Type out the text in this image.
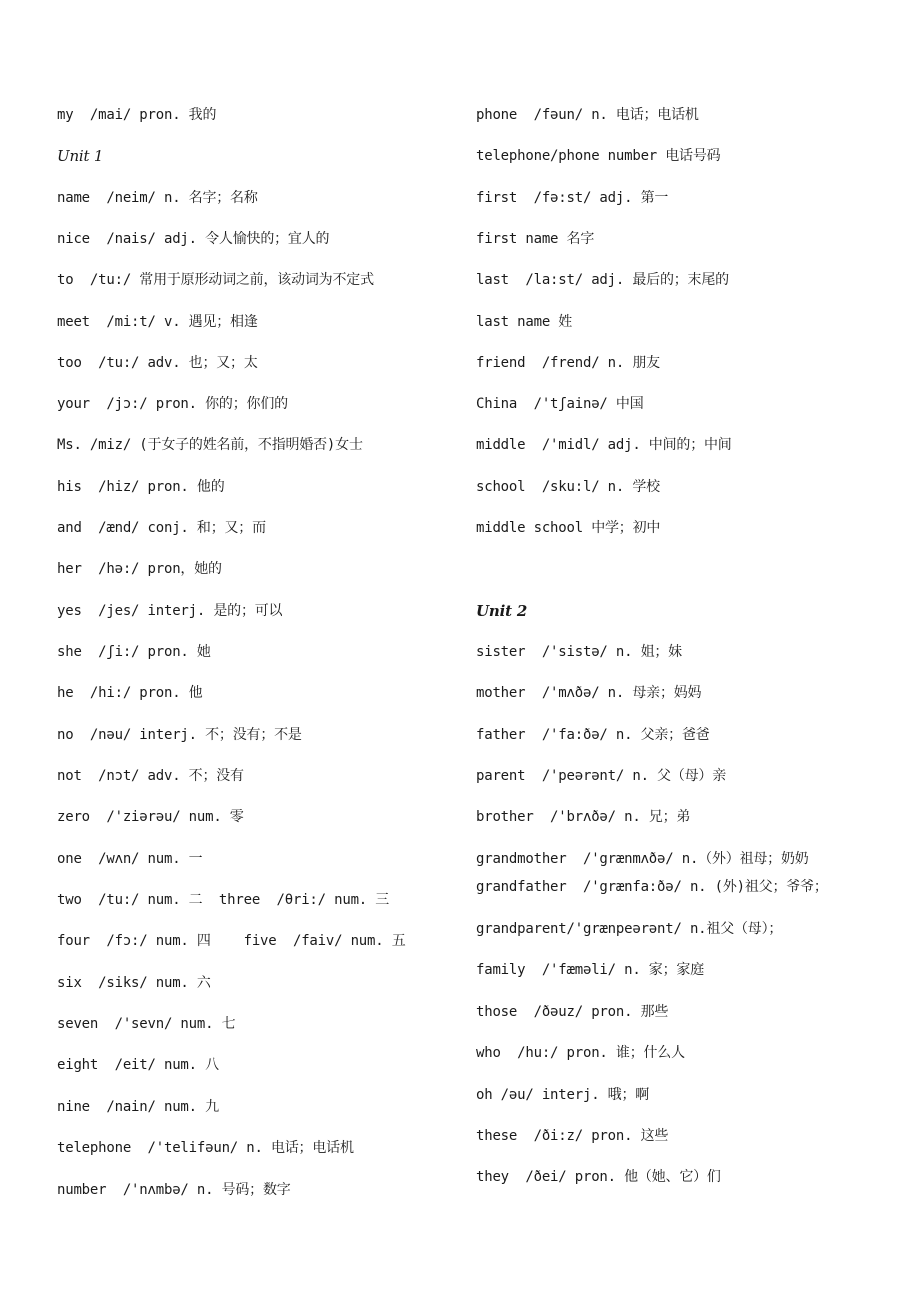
my  /mai/ pron. 我的
Unit 1
name  /neim/ n. 名字；名称
nice  /nais/ adj. 令人愉快的；宜人的
to  /tu:/ 常用于原形动词之前，该动词为不定式
meet  /mi:t/ v. 遇见；相逢
too  /tu:/ adv. 也；又；太
your  /jɔ:/ pron. 你的；你们的
Ms. /miz/ (于女子的姓名前，不指明婚否)女士
his  /hiz/ pron. 他的
and  /ænd/ conj. 和；又；而
her  /hə:/ pron，她的
yes  /jes/ interj. 是的；可以
she  /ʃi:/ pron. 她
he  /hi:/ pron. 他
no  /nəu/ interj. 不；没有；不是
not  /nɔt/ adv. 不；没有
zero  /'ziərəu/ num. 零
one  /wʌn/ num. 一
two  /tu:/ num. 二  three  /θri:/ num. 三
four  /fɔ:/ num. 四    five  /faiv/ num. 五
six  /siks/ num. 六
seven  /'sevn/ num. 七
eight  /eit/ num. 八
nine  /nain/ num. 九
telephone  /'telifəun/ n. 电话；电话机
number  /'nʌmbə/ n. 号码；数字
phone  /fəun/ n. 电话；电话机
telephone/phone number 电话号码
first  /fə:st/ adj. 第一
first name 名字
last  /la:st/ adj. 最后的；末尾的
last name 姓
friend  /frend/ n. 朋友
China  /'tʃainə/ 中国
middle  /'midl/ adj. 中间的；中间
school  /sku:l/ n. 学校
middle school 中学；初中
Unit 2
sister  /'sistə/ n. 姐；妹
mother  /'mʌðə/ n. 母亲；妈妈
father  /'fa:ðə/ n. 父亲；爸爸
parent  /'peərənt/ n. 父（母）亲
brother  /'brʌðə/ n. 兄；弟
grandmother  /'grænmʌðə/ n.（外）祖母；奶奶
grandfather  /'grænfa:ðə/ n. (外)祖父；爷爷；
grandparent/'grænpeərənt/ n.祖父（母）；
family  /'fæməli/ n. 家；家庭
those  /ðəuz/ pron. 那些
who  /hu:/ pron. 谁；什么人
oh /əu/ interj. 哦；啊
these  /ði:z/ pron. 这些
they  /ðei/ pron. 他（她、它）们
